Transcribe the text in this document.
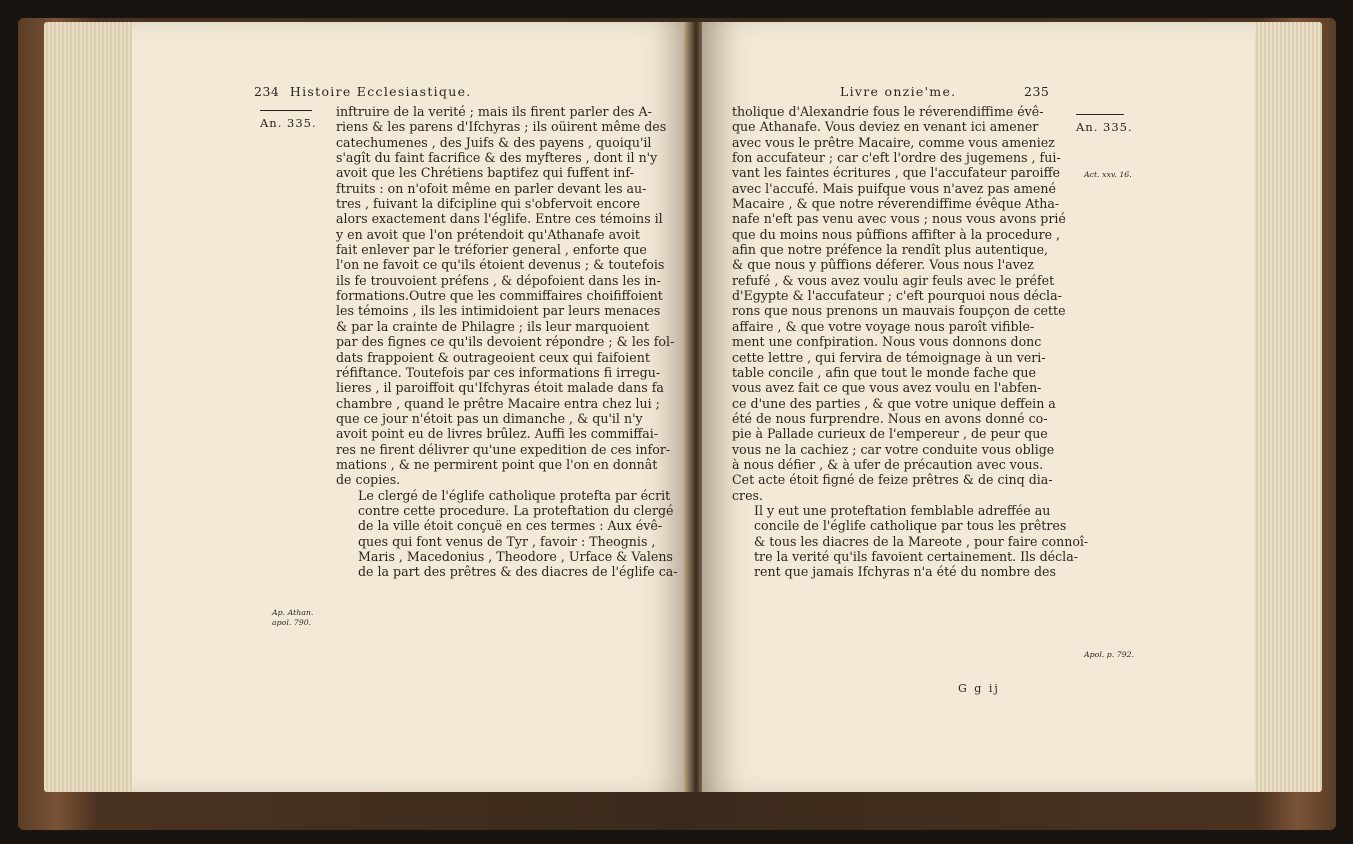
234 Histoire Ecclesiastique.
An. 335.

inftruire de la verité ; mais ils firent parler des A-
riens & les parens d'Ifchyras ; ils oüirent même des
catechumenes , des Juifs & des payens , quoiqu'il
s'agît du faint facrifice & des myfteres , dont il n'y
avoit que les Chrétiens baptifez qui fuffent inf-
ftruits : on n'ofoit même en parler devant les au-
tres , fuivant la difcipline qui s'obfervoit encore
alors exactement dans l'églife. Entre ces témoins il
y en avoit que l'on prétendoit qu'Athanafe avoit
fait enlever par le tréforier general , enforte que
l'on ne favoit ce qu'ils étoient devenus ; & toutefois
ils fe trouvoient préfens , & dépofoient dans les in-
formations.Outre que les commiffaires choififfoient
les témoins , ils les intimidoient par leurs menaces
& par la crainte de Philagre ; ils leur marquoient
par des fignes ce qu'ils devoient répondre ; & les fol-
dats frappoient & outrageoient ceux qui faifoient
réfiftance. Toutefois par ces informations fi irregu-
lieres , il paroiffoit qu'Ifchyras étoit malade dans fa
chambre , quand le prêtre Macaire entra chez lui ;
que ce jour n'étoit pas un dimanche , & qu'il n'y
avoit point eu de livres brûlez. Auffi les commiffai-
res ne firent délivrer qu'une expedition de ces infor-
mations , & ne permirent point que l'on en donnât
de copies.

Le clergé de l'églife catholique protefta par écrit
contre cette procedure. La proteftation du clergé
de la ville étoit conçuë en ces termes : Aux évê-
ques qui font venus de Tyr , favoir : Theognis ,
Maris , Macedonius , Theodore , Urface & Valens
de la part des prêtres & des diacres de l'églife ca-

Ap. Athan.
apol. 790.
Livre onzie'me.	235

tholique d'Alexandrie fous le réverendiffime évê-
que Athanafe. Vous deviez en venant ici amener
avec vous le prêtre Macaire, comme vous ameniez
fon accufateur ; car c'eft l'ordre des jugemens , fui-
vant les faintes écritures , que l'accufateur paroiffe
avec l'accufé. Mais puifque vous n'avez pas amené
Macaire , & que notre réverendiffime évêque Atha-
nafe n'eft pas venu avec vous ; nous vous avons prié
que du moins nous pûffions affifter à la procedure ,
afin que notre préfence la rendît plus autentique,
& que nous y pûffions déferer. Vous nous l'avez
refufé , & vous avez voulu agir feuls avec le préfet
d'Egypte & l'accufateur ; c'eft pourquoi nous décla-
rons que nous prenons un mauvais foupçon de cette
affaire , & que votre voyage nous paroît vifible-
ment une confpiration. Nous vous donnons donc
cette lettre , qui fervira de témoignage à un veri-
table concile , afin que tout le monde fache que
vous avez fait ce que vous avez voulu en l'abfen-
ce d'une des parties , & que votre unique deffein a
été de nous furprendre. Nous en avons donné co-
pie à Pallade curieux de l'empereur , de peur que
vous ne la cachiez ; car votre conduite vous oblige
à nous défier , & à ufer de précaution avec vous.
Cet acte étoit figné de feize prêtres & de cinq dia-
cres.

Il y eut une proteftation femblable adreffée au
concile de l'églife catholique par tous les prêtres
& tous les diacres de la Mareote , pour faire connoî-
tre la verité qu'ils favoient certainement. Ils décla-
rent que jamais Ifchyras n'a été du nombre des

G g ij
An. 335.
Act. xxv. 16.
Apol. p. 792.
